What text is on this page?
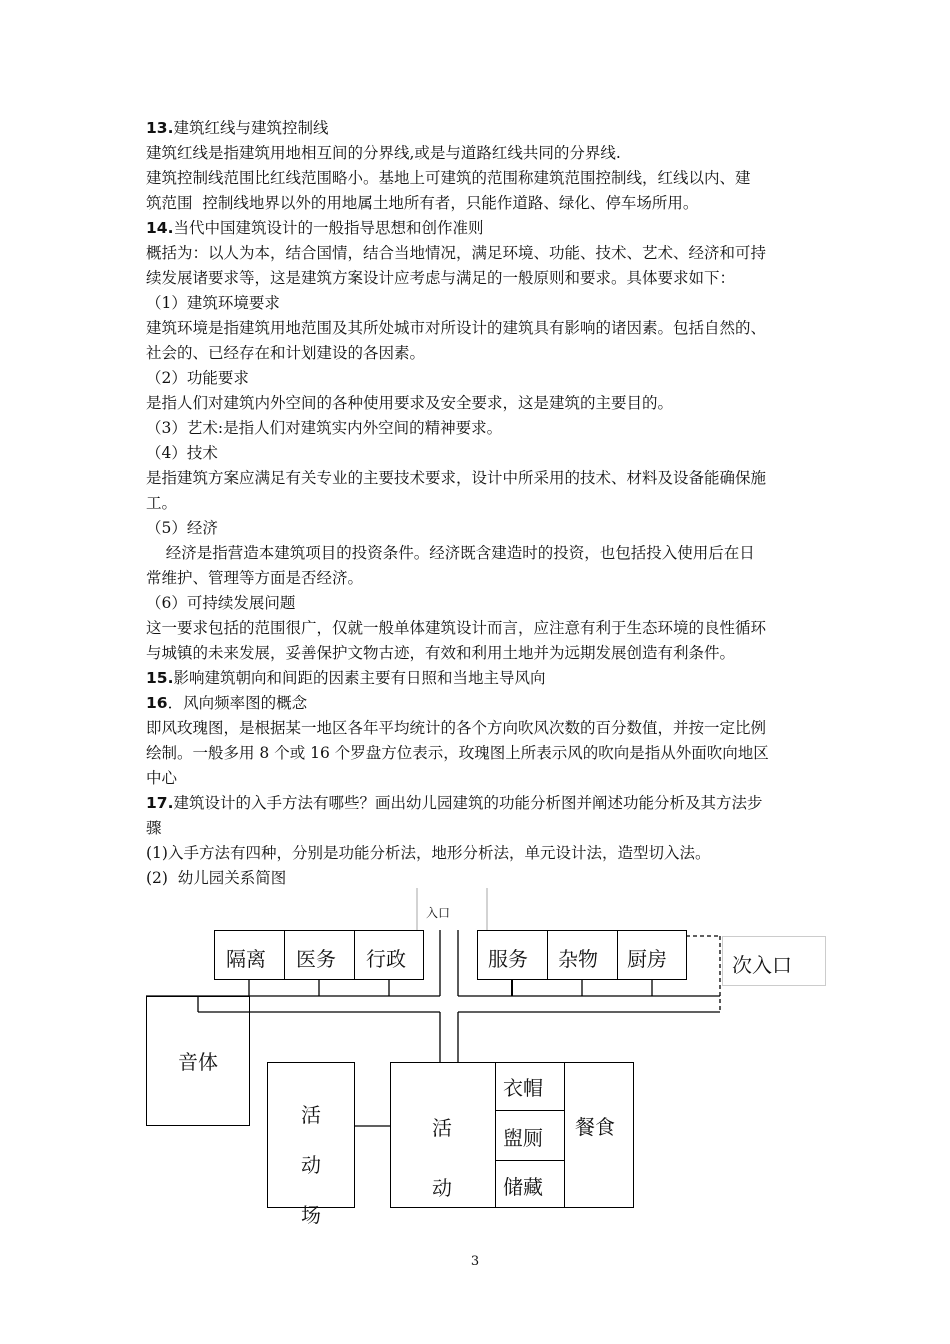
13.建筑红线与建筑控制线
建筑红线是指建筑用地相互间的分界线,或是与道路红线共同的分界线.
建筑控制线范围比红线范围略小。基地上可建筑的范围称建筑范围控制线，红线以内、建
筑范围  控制线地界以外的用地属土地所有者，只能作道路、绿化、停车场所用。
14.当代中国建筑设计的一般指导思想和创作准则
概括为：以人为本，结合国情，结合当地情况，满足环境、功能、技术、艺术、经济和可持
续发展诸要求等，这是建筑方案设计应考虑与满足的一般原则和要求。具体要求如下：
（1）建筑环境要求
建筑环境是指建筑用地范围及其所处城市对所设计的建筑具有影响的诸因素。包括自然的、
社会的、已经存在和计划建设的各因素。
（2）功能要求
是指人们对建筑内外空间的各种使用要求及安全要求，这是建筑的主要目的。
（3）艺术:是指人们对建筑实内外空间的精神要求。
（4）技术
是指建筑方案应满足有关专业的主要技术要求，设计中所采用的技术、材料及设备能确保施
工。
（5）经济
经济是指营造本建筑项目的投资条件。经济既含建造时的投资，也包括投入使用后在日
常维护、管理等方面是否经济。
（6）可持续发展问题
这一要求包括的范围很广，仅就一般单体建筑设计而言，应注意有利于生态环境的良性循环
与城镇的未来发展，妥善保护文物古迹，有效和利用土地并为远期发展创造有利条件。
15.影响建筑朝向和间距的因素主要有日照和当地主导风向
16．风向频率图的概念
即风玫瑰图，是根据某一地区各年平均统计的各个方向吹风次数的百分数值，并按一定比例
绘制。一般多用 8 个或 16 个罗盘方位表示，玫瑰图上所表示风的吹向是指从外面吹向地区
中心
17.建筑设计的入手方法有哪些？画出幼儿园建筑的功能分析图并阐述功能分析及其方法步
骤
(1)入手方法有四种，分别是功能分析法，地形分析法，单元设计法，造型切入法。
(2)  幼儿园关系简图
入口
隔离 医务 行政	服务 杂物 厨房	次入口
音体
活
动
场
活
动
衣帽
盥厕
储藏
餐食
3
